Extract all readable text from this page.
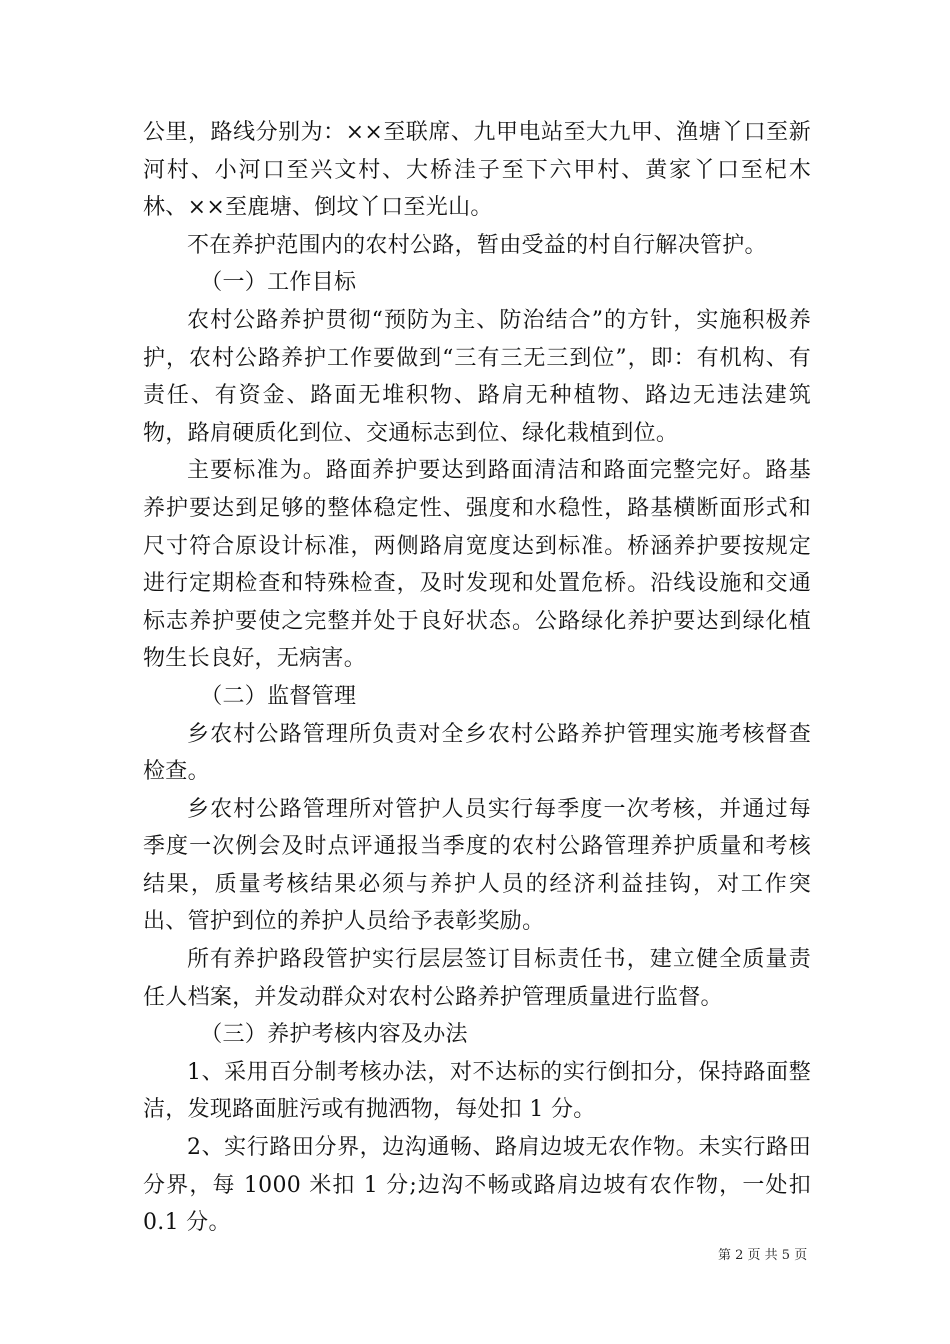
公里，路线分别为：××至联席、九甲电站至大九甲、渔塘丫口至新河村、小河口至兴文村、大桥洼子至下六甲村、黄家丫口至杞木林、××至鹿塘、倒坟丫口至光山。

不在养护范围内的农村公路，暂由受益的村自行解决管护。

（一）工作目标

农村公路养护贯彻“预防为主、防治结合”的方针，实施积极养护，农村公路养护工作要做到“三有三无三到位”，即：有机构、有责任、有资金、路面无堆积物、路肩无种植物、路边无违法建筑物，路肩硬质化到位、交通标志到位、绿化栽植到位。

主要标准为。路面养护要达到路面清洁和路面完整完好。路基养护要达到足够的整体稳定性、强度和水稳性，路基横断面形式和尺寸符合原设计标准，两侧路肩宽度达到标准。桥涵养护要按规定进行定期检查和特殊检查，及时发现和处置危桥。沿线设施和交通标志养护要使之完整并处于良好状态。公路绿化养护要达到绿化植物生长良好，无病害。

（二）监督管理

乡农村公路管理所负责对全乡农村公路养护管理实施考核督查检查。

乡农村公路管理所对管护人员实行每季度一次考核，并通过每季度一次例会及时点评通报当季度的农村公路管理养护质量和考核结果，质量考核结果必须与养护人员的经济利益挂钩，对工作突出、管护到位的养护人员给予表彰奖励。

所有养护路段管护实行层层签订目标责任书，建立健全质量责任人档案，并发动群众对农村公路养护管理质量进行监督。

（三）养护考核内容及办法

1、采用百分制考核办法，对不达标的实行倒扣分，保持路面整洁，发现路面脏污或有抛洒物，每处扣 1 分。

2、实行路田分界，边沟通畅、路肩边坡无农作物。未实行路田分界，每 1000 米扣 1 分;边沟不畅或路肩边坡有农作物，一处扣 0.1 分。

第 2 页 共 5 页
